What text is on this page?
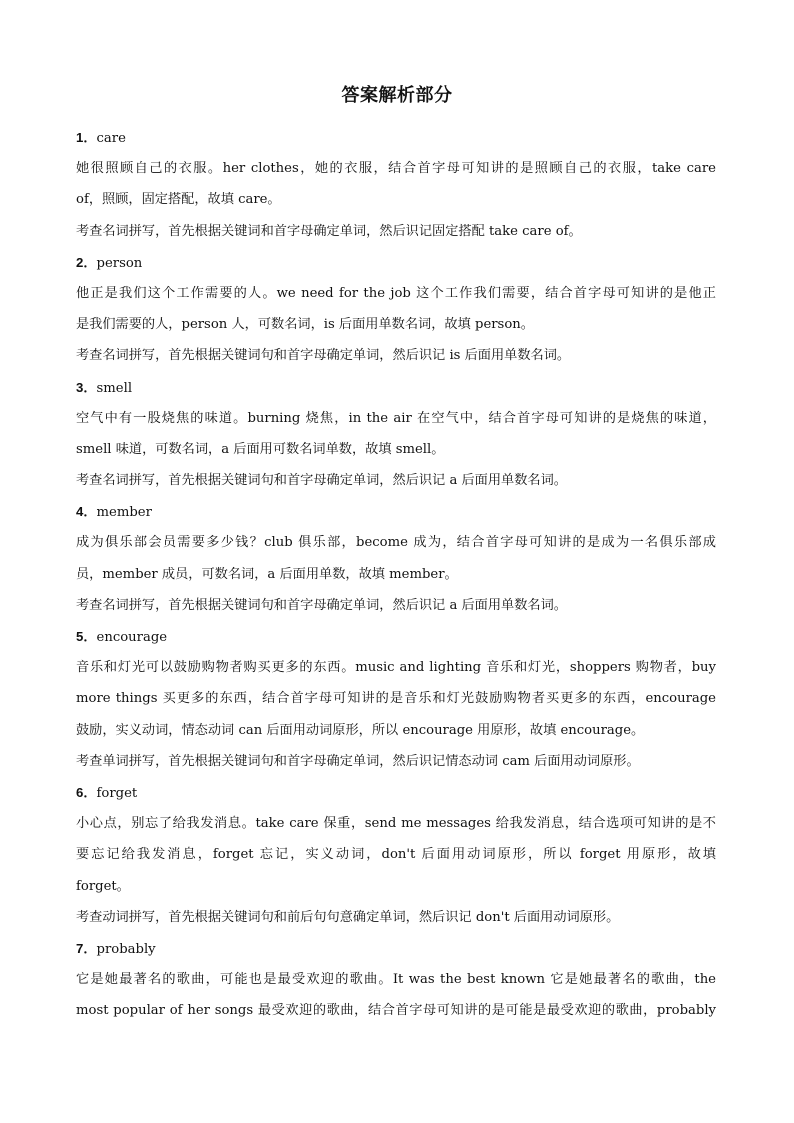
答案解析部分
1．care
她很照顾自己的衣服。her clothes，她的衣服，结合首字母可知讲的是照顾自己的衣服，take care
of，照顾，固定搭配，故填 care。
考查名词拼写，首先根据关键词和首字母确定单词，然后识记固定搭配 take care of。
2．person
他正是我们这个工作需要的人。we need for the job 这个工作我们需要，结合首字母可知讲的是他正
是我们需要的人，person 人，可数名词，is 后面用单数名词，故填 person。
考查名词拼写，首先根据关键词句和首字母确定单词，然后识记 is 后面用单数名词。
3．smell
空气中有一股烧焦的味道。burning 烧焦，in the air 在空气中，结合首字母可知讲的是烧焦的味道，
smell 味道，可数名词，a 后面用可数名词单数，故填 smell。
考查名词拼写，首先根据关键词句和首字母确定单词，然后识记 a 后面用单数名词。
4．member
成为俱乐部会员需要多少钱？club 俱乐部，become 成为，结合首字母可知讲的是成为一名俱乐部成
员，member 成员，可数名词，a 后面用单数，故填 member。
考查名词拼写，首先根据关键词句和首字母确定单词，然后识记 a 后面用单数名词。
5．encourage
音乐和灯光可以鼓励购物者购买更多的东西。music and lighting 音乐和灯光，shoppers 购物者，buy
more things 买更多的东西，结合首字母可知讲的是音乐和灯光鼓励购物者买更多的东西，encourage
鼓励，实义动词，情态动词 can 后面用动词原形，所以 encourage 用原形，故填 encourage。
考查单词拼写，首先根据关键词句和首字母确定单词，然后识记情态动词 cam 后面用动词原形。
6．forget
小心点，别忘了给我发消息。take care 保重，send me messages 给我发消息，结合选项可知讲的是不
要忘记给我发消息，forget 忘记，实义动词，don't 后面用动词原形，所以 forget 用原形，故填
forget。
考查动词拼写，首先根据关键词句和前后句句意确定单词，然后识记 don't 后面用动词原形。
7．probably
它是她最著名的歌曲，可能也是最受欢迎的歌曲。It was the best known 它是她最著名的歌曲，the
most popular of her songs 最受欢迎的歌曲，结合首字母可知讲的是可能是最受欢迎的歌曲，probably
